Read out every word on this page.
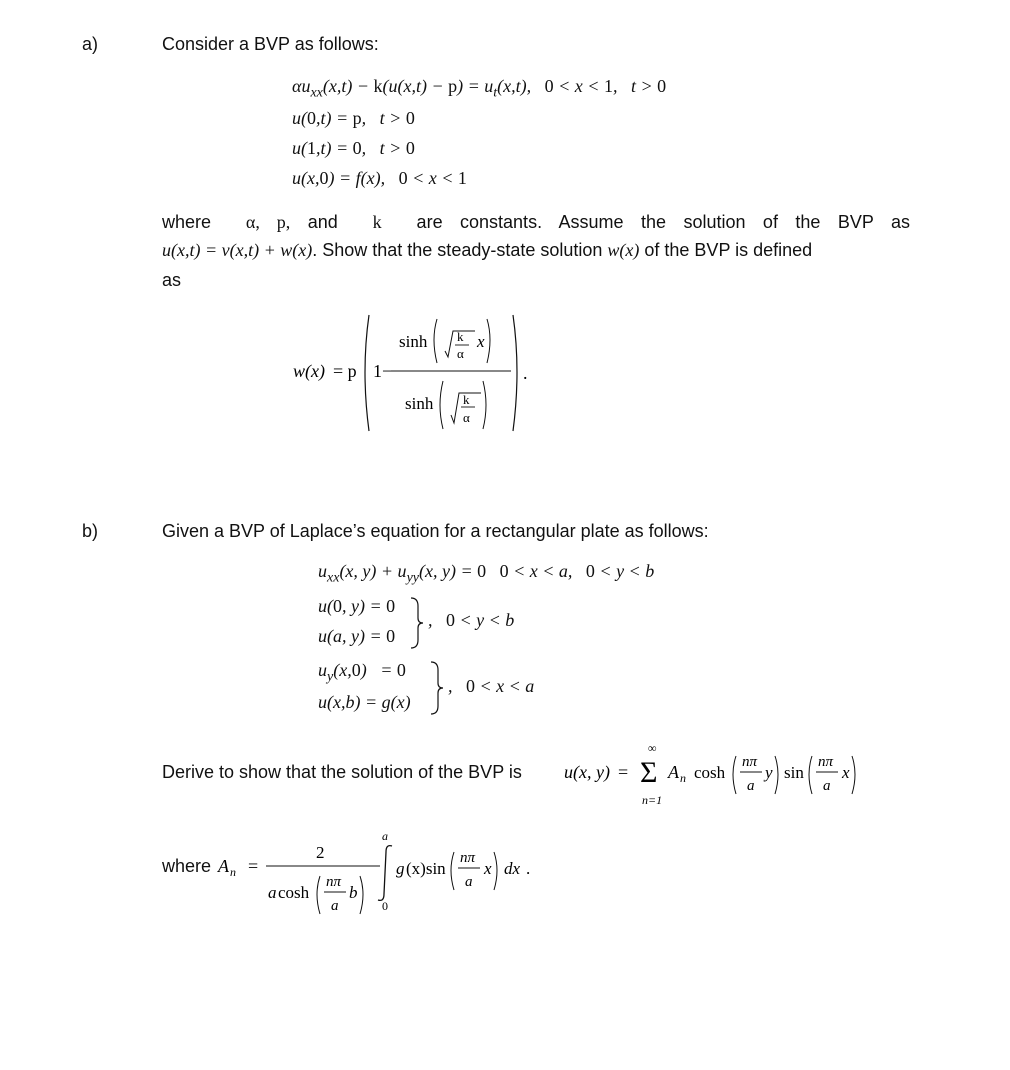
a)	Consider a BVP as follows:
$\alpha u_{xx}(x,t) - k(u(x,t) - p) = u_t(x,t)$,   0 < x < 1,   t > 0
u(0,t) = p,   t > 0
u(1,t) = 0,   t > 0
u(x,0) = f(x),   0 < x < 1
where  α, p, and  k  are constants. Assume the solution of the BVP as
u(x,t) = v(x,t) + w(x). Show that the steady-state solution w(x) of the BVP is defined
as
w(x) = p 1−
sinh k
α
x
sinh k
α
.
b)	Given a BVP of Laplace’s equation for a rectangular plate as follows:
$u_{xx}(x$, $y) + u_{yy}(x$, y) = 0 0 < x < a,   0 < y < b
u(0, y) = 0
u(a, y) = 0
,   0 < y < b
$u_y(x,0) = 0$
u(x,b) = g(x)
,   0 < x < a
Derive to show that the solution of the BVP is u(x, y) = Σ
∞
n=1
A n cosh
nπ
a
y sin
nπ
a
x
where A n =
2
a cosh
nπ
a
b
a
0
g (x)sin
nπ
a
x dx .
